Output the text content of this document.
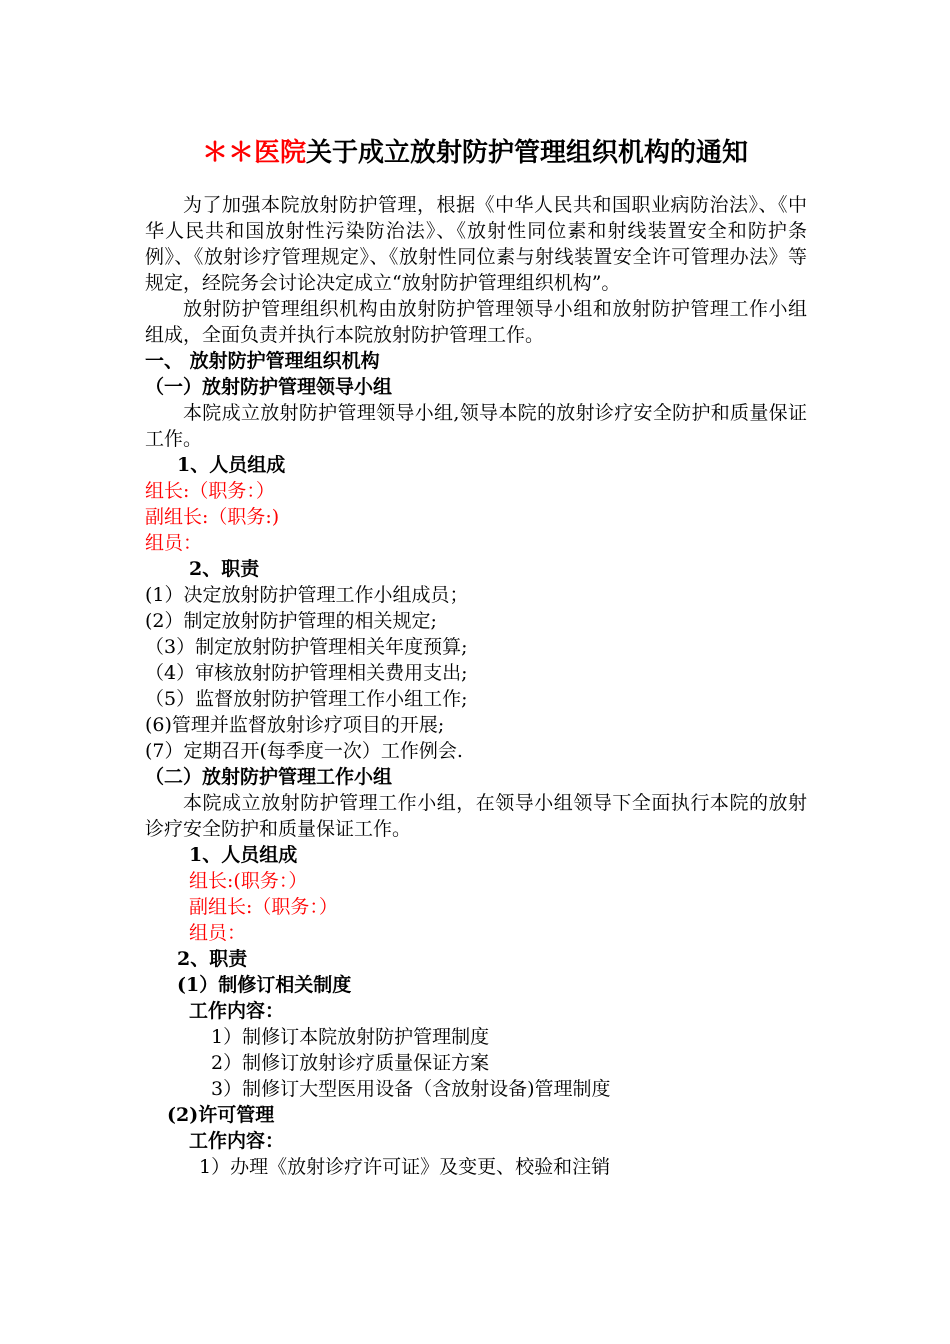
＊＊医院关于成立放射防护管理组织机构的通知

为了加强本院放射防护管理，根据《中华人民共和国职业病防治法》、《中华人民共和国放射性污染防治法》、《放射性同位素和射线装置安全和防护条例》、《放射诊疗管理规定》、《放射性同位素与射线装置安全许可管理办法》等规定，经院务会讨论决定成立“放射防护管理组织机构”。

放射防护管理组织机构由放射防护管理领导小组和放射防护管理工作小组组成，全面负责并执行本院放射防护管理工作。

一、 放射防护管理组织机构

（一）放射防护管理领导小组

本院成立放射防护管理领导小组,领导本院的放射诊疗安全防护和质量保证工作。

1、人员组成

组长:（职务：）

副组长:（职务:)

组员：

2、职责

(1）决定放射防护管理工作小组成员；

(2）制定放射防护管理的相关规定;

（3）制定放射防护管理相关年度预算;

（4）审核放射防护管理相关费用支出;

（5）监督放射防护管理工作小组工作;

(6)管理并监督放射诊疗项目的开展;

(7）定期召开(每季度一次）工作例会.

（二）放射防护管理工作小组

本院成立放射防护管理工作小组，在领导小组领导下全面执行本院的放射诊疗安全防护和质量保证工作。

1、人员组成

组长:(职务：）

副组长:（职务：）

组员：

2、职责

(1）制修订相关制度

工作内容：

1）制修订本院放射防护管理制度

2）制修订放射诊疗质量保证方案

3）制修订大型医用设备（含放射设备)管理制度

(2)许可管理

工作内容：

1）办理《放射诊疗许可证》及变更、校验和注销
